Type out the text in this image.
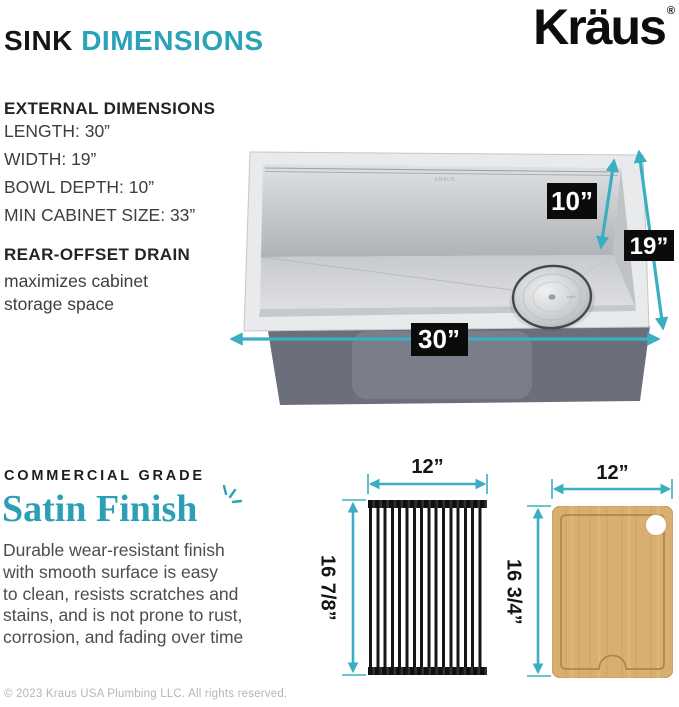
SINK DIMENSIONS	Kräus ®
EXTERNAL DIMENSIONS
LENGTH: 30”
WIDTH: 19”
BOWL DEPTH: 10”
MIN CABINET SIZE: 33”
REAR-OFFSET DRAIN
maximizes cabinet
storage space
KRAUS
Kraus
10”
19”
30”
COMMERCIAL GRADE
Satin Finish
Durable wear-resistant finish
with smooth surface is easy
to clean, resists scratches and
stains, and is not prone to rust,
corrosion, and fading over time
12”
16 7/8”
12”
16 3/4”
© 2023 Kraus USA Plumbing LLC. All rights reserved.
